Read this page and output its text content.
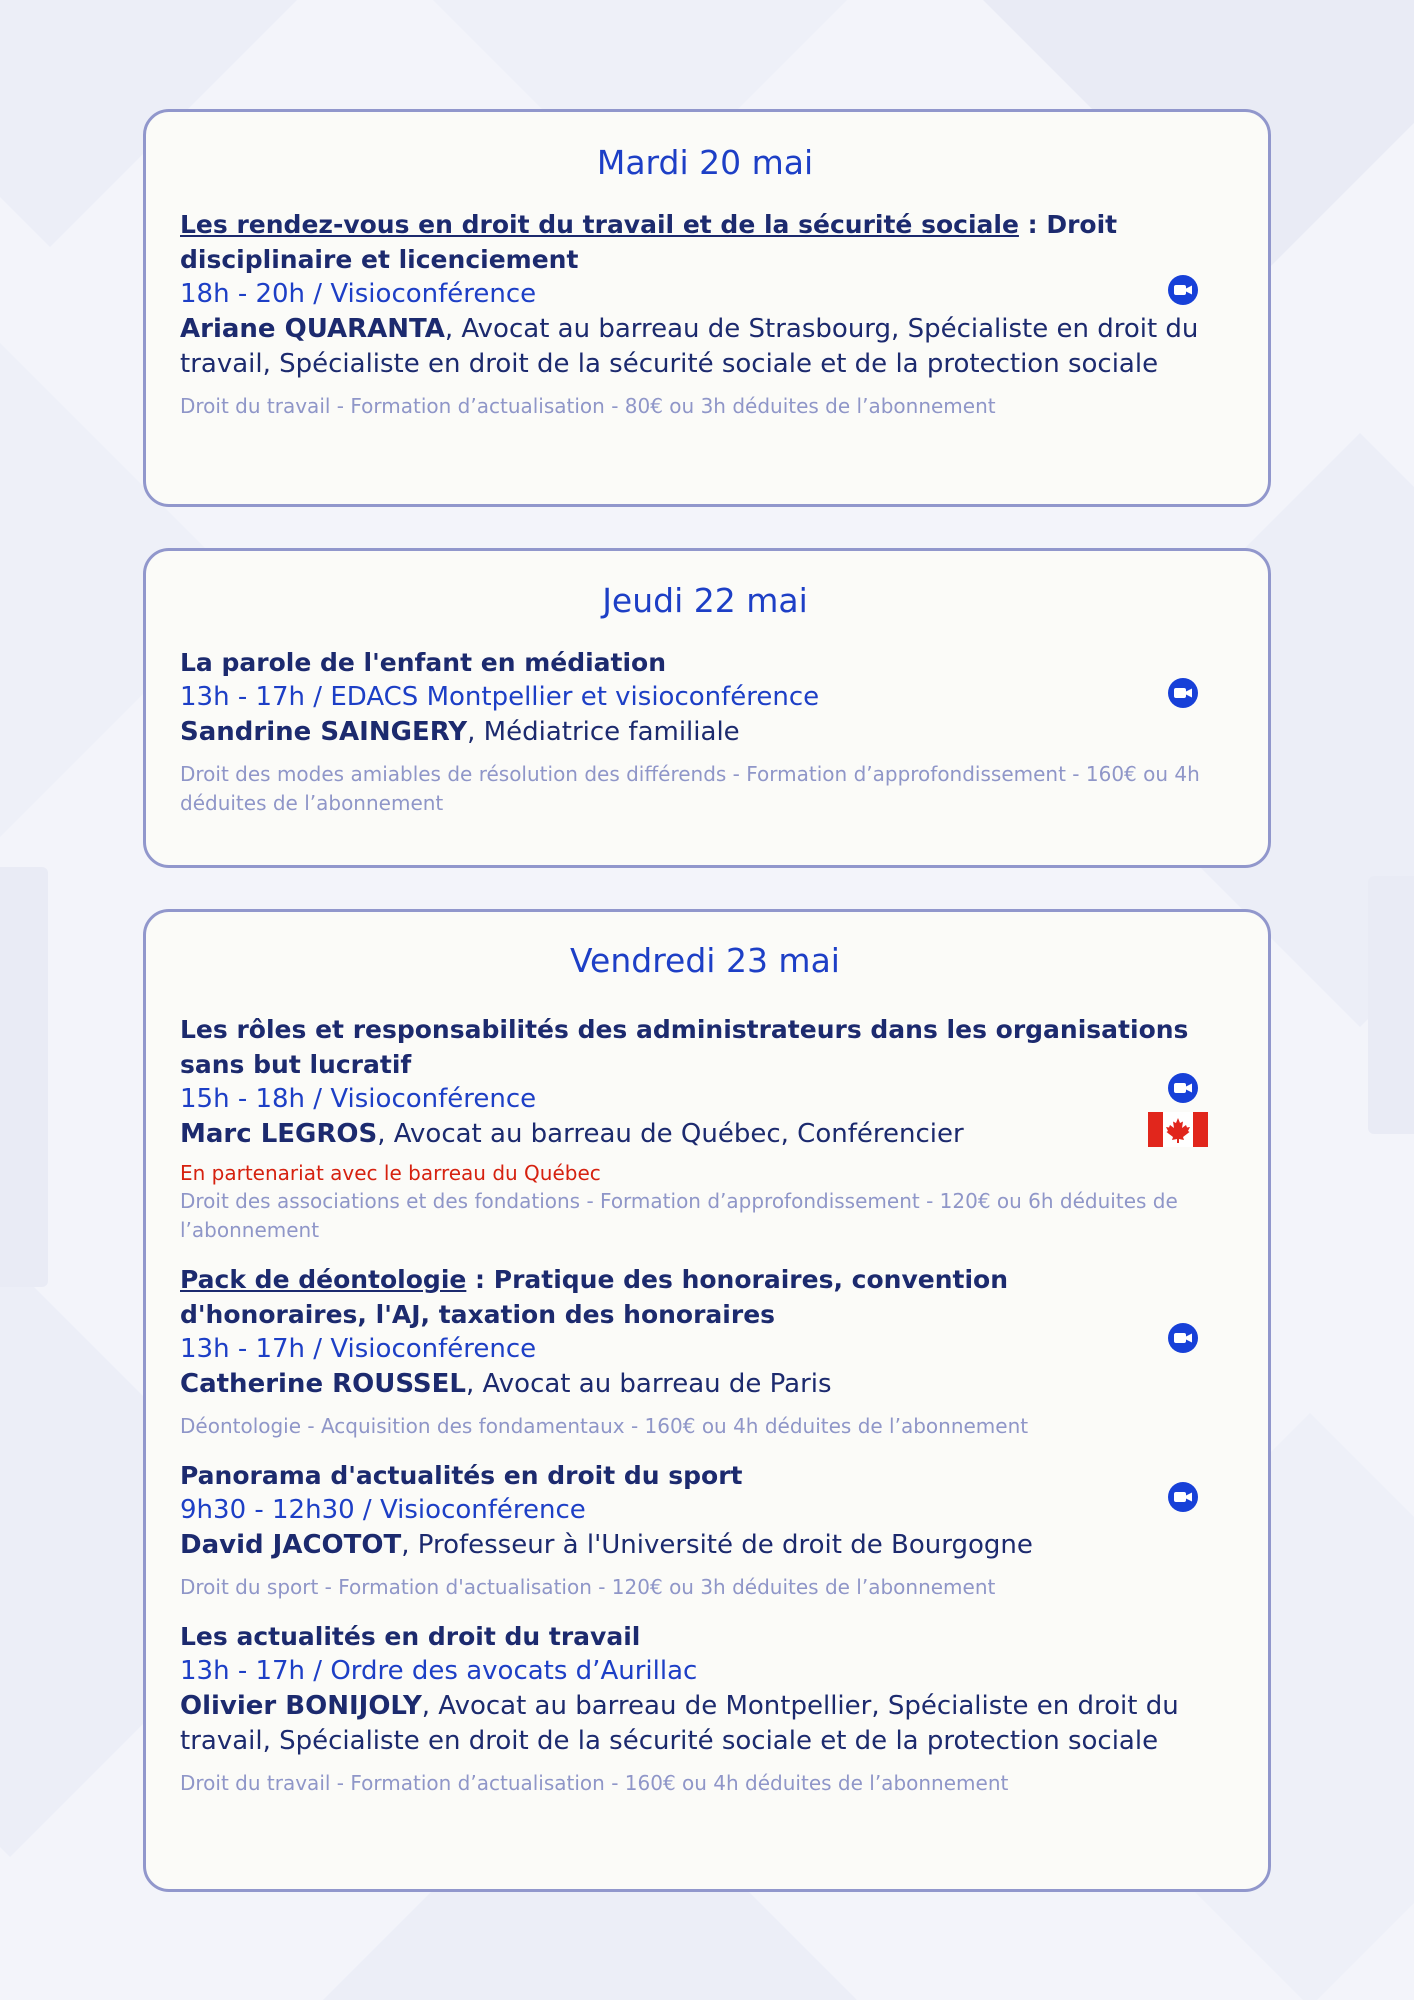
Mardi 20 mai
Les rendez-vous en droit du travail et de la sécurité sociale : Droit disciplinaire et licenciement
18h - 20h / Visioconférence
Ariane QUARANTA, Avocat au barreau de Strasbourg, Spécialiste en droit du travail, Spécialiste en droit de la sécurité sociale et de la protection sociale
Droit du travail - Formation d’actualisation - 80€ ou 3h déduites de l’abonnement
Jeudi 22 mai
La parole de l'enfant en médiation
13h - 17h / EDACS Montpellier et visioconférence
Sandrine SAINGERY, Médiatrice familiale
Droit des modes amiables de résolution des différends - Formation d’approfondissement - 160€ ou 4h déduites de l’abonnement
Vendredi 23 mai
Les rôles et responsabilités des administrateurs dans les organisations sans but lucratif
15h - 18h / Visioconférence
Marc LEGROS, Avocat au barreau de Québec, Conférencier
En partenariat avec le barreau du Québec
Droit des associations et des fondations - Formation d’approfondissement - 120€ ou 6h déduites de l’abonnement
Pack de déontologie : Pratique des honoraires, convention d'honoraires, l'AJ, taxation des honoraires
13h - 17h / Visioconférence
Catherine ROUSSEL, Avocat au barreau de Paris
Déontologie - Acquisition des fondamentaux - 160€ ou 4h déduites de l’abonnement
Panorama d'actualités en droit du sport
9h30 - 12h30 / Visioconférence
David JACOTOT, Professeur à l'Université de droit de Bourgogne
Droit du sport - Formation d'actualisation - 120€ ou 3h déduites de l’abonnement
Les actualités en droit du travail
13h - 17h / Ordre des avocats d’Aurillac
Olivier BONIJOLY, Avocat au barreau de Montpellier, Spécialiste en droit du travail, Spécialiste en droit de la sécurité sociale et de la protection sociale
Droit du travail - Formation d’actualisation - 160€ ou 4h déduites de l’abonnement
